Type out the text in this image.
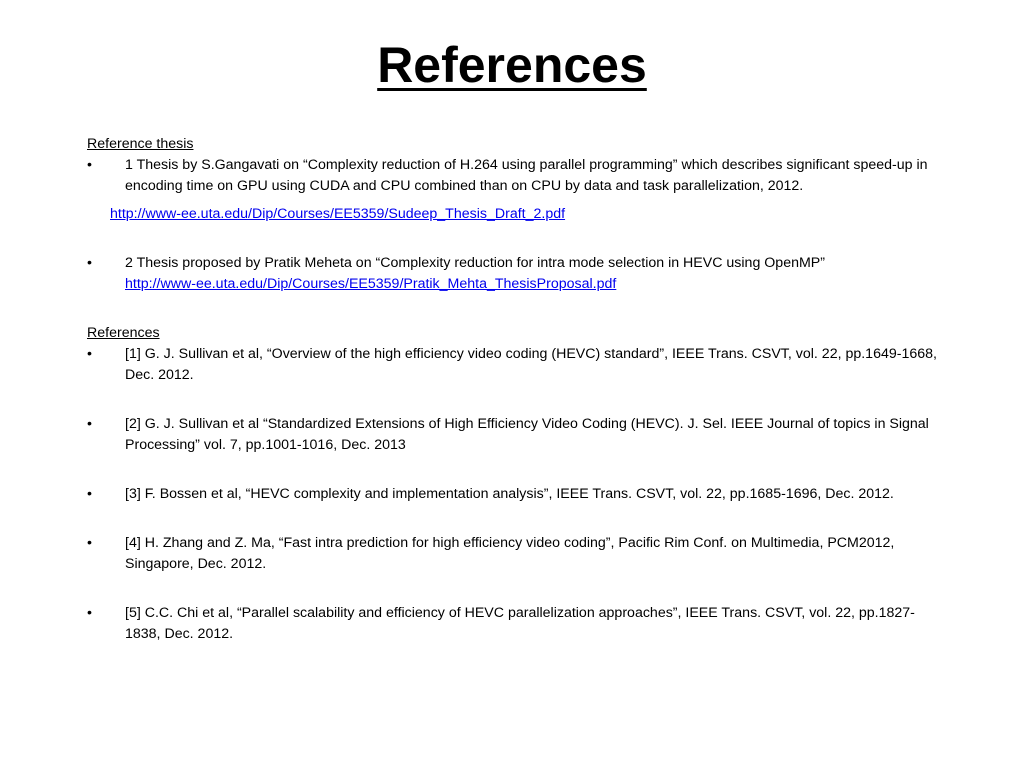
References

Reference thesis

• 1 Thesis by S.Gangavati on “Complexity reduction of H.264 using parallel programming” which describes significant speed-up in encoding time on GPU using CUDA and CPU combined than on CPU by data and task parallelization, 2012.

http://www-ee.uta.edu/Dip/Courses/EE5359/Sudeep_Thesis_Draft_2.pdf

• 2 Thesis proposed by Pratik Meheta on “Complexity reduction for intra mode selection in HEVC using OpenMP”
http://www-ee.uta.edu/Dip/Courses/EE5359/Pratik_Mehta_ThesisProposal.pdf

References

• [1] G. J. Sullivan et al, “Overview of the high efficiency video coding (HEVC) standard”, IEEE Trans. CSVT, vol. 22, pp.1649-1668, Dec. 2012.
• [2] G. J. Sullivan et al “Standardized Extensions of High Efficiency Video Coding (HEVC). J. Sel. IEEE Journal of topics in Signal Processing” vol. 7, pp.1001-1016, Dec. 2013
• [3] F. Bossen et al, “HEVC complexity and implementation analysis”, IEEE Trans. CSVT, vol. 22, pp.1685-1696, Dec. 2012.
• [4] H. Zhang and Z. Ma, “Fast intra prediction for high efficiency video coding”, Pacific Rim Conf. on Multimedia, PCM2012, Singapore, Dec. 2012.
• [5] C.C. Chi et al, “Parallel scalability and efficiency of HEVC parallelization approaches”, IEEE Trans. CSVT, vol. 22, pp.1827-1838, Dec. 2012.
